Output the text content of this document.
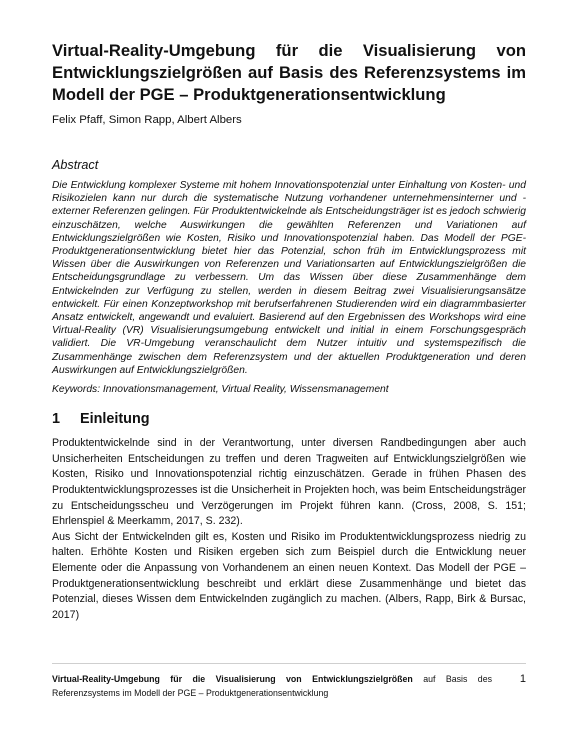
Virtual-Reality-Umgebung für die Visualisierung von Entwicklungszielgrößen auf Basis des Referenzsystems im Modell der PGE – Produktgenerationsentwicklung
Felix Pfaff, Simon Rapp, Albert Albers
Abstract
Die Entwicklung komplexer Systeme mit hohem Innovationspotenzial unter Einhaltung von Kosten- und Risikozielen kann nur durch die systematische Nutzung vorhandener unternehmensinterner und -externer Referenzen gelingen. Für Produktentwickelnde als Entscheidungsträger ist es jedoch schwierig einzuschätzen, welche Auswirkungen die gewählten Referenzen und Variationen auf Entwicklungszielgrößen wie Kosten, Risiko und Innovationspotenzial haben. Das Modell der PGE-Produktgenerationsentwicklung bietet hier das Potenzial, schon früh im Entwicklungsprozess mit Wissen über die Auswirkungen von Referenzen und Variationsarten auf Entwicklungszielgrößen die Entscheidungsgrundlage zu verbessern. Um das Wissen über diese Zusammenhänge dem Entwickelnden zur Verfügung zu stellen, werden in diesem Beitrag zwei Visualisierungsansätze entwickelt. Für einen Konzeptworkshop mit berufserfahrenen Studierenden wird ein diagrammbasierter Ansatz entwickelt, angewandt und evaluiert. Basierend auf den Ergebnissen des Workshops wird eine Virtual-Reality (VR) Visualisierungsumgebung entwickelt und initial in einem Forschungsgespräch validiert. Die VR-Umgebung veranschaulicht dem Nutzer intuitiv und systemspezifisch die Zusammenhänge zwischen dem Referenzsystem und der aktuellen Produktgeneration und deren Auswirkungen auf Entwicklungszielgrößen.
Keywords: Innovationsmanagement, Virtual Reality, Wissensmanagement
1	Einleitung

Produktentwickelnde sind in der Verantwortung, unter diversen Randbedingungen aber auch Unsicherheiten Entscheidungen zu treffen und deren Tragweiten auf Entwicklungszielgrößen wie Kosten, Risiko und Innovationspotenzial richtig einzuschätzen. Gerade in frühen Phasen des Produktentwicklungsprozesses ist die Unsicherheit in Projekten hoch, was beim Entscheidungsträger zu Entscheidungsscheu und Verzögerungen im Projekt führen kann. (Cross, 2008, S. 151; Ehrlenspiel & Meerkamm, 2017, S. 232).

Aus Sicht der Entwickelnden gilt es, Kosten und Risiko im Produktentwicklungsprozess niedrig zu halten. Erhöhte Kosten und Risiken ergeben sich zum Beispiel durch die Entwicklung neuer Elemente oder die Anpassung von Vorhandenem an einen neuen Kontext. Das Modell der PGE – Produktgenerationsentwicklung beschreibt und erklärt diese Zusammenhänge und bietet das Potenzial, dieses Wissen dem Entwickelnden zugänglich zu machen. (Albers, Rapp, Birk & Bursac, 2017)

Virtual-Reality-Umgebung für die Visualisierung von Entwicklungszielgrößen auf Basis des Referenzsystems im Modell der PGE – Produktgenerationsentwicklung
1
